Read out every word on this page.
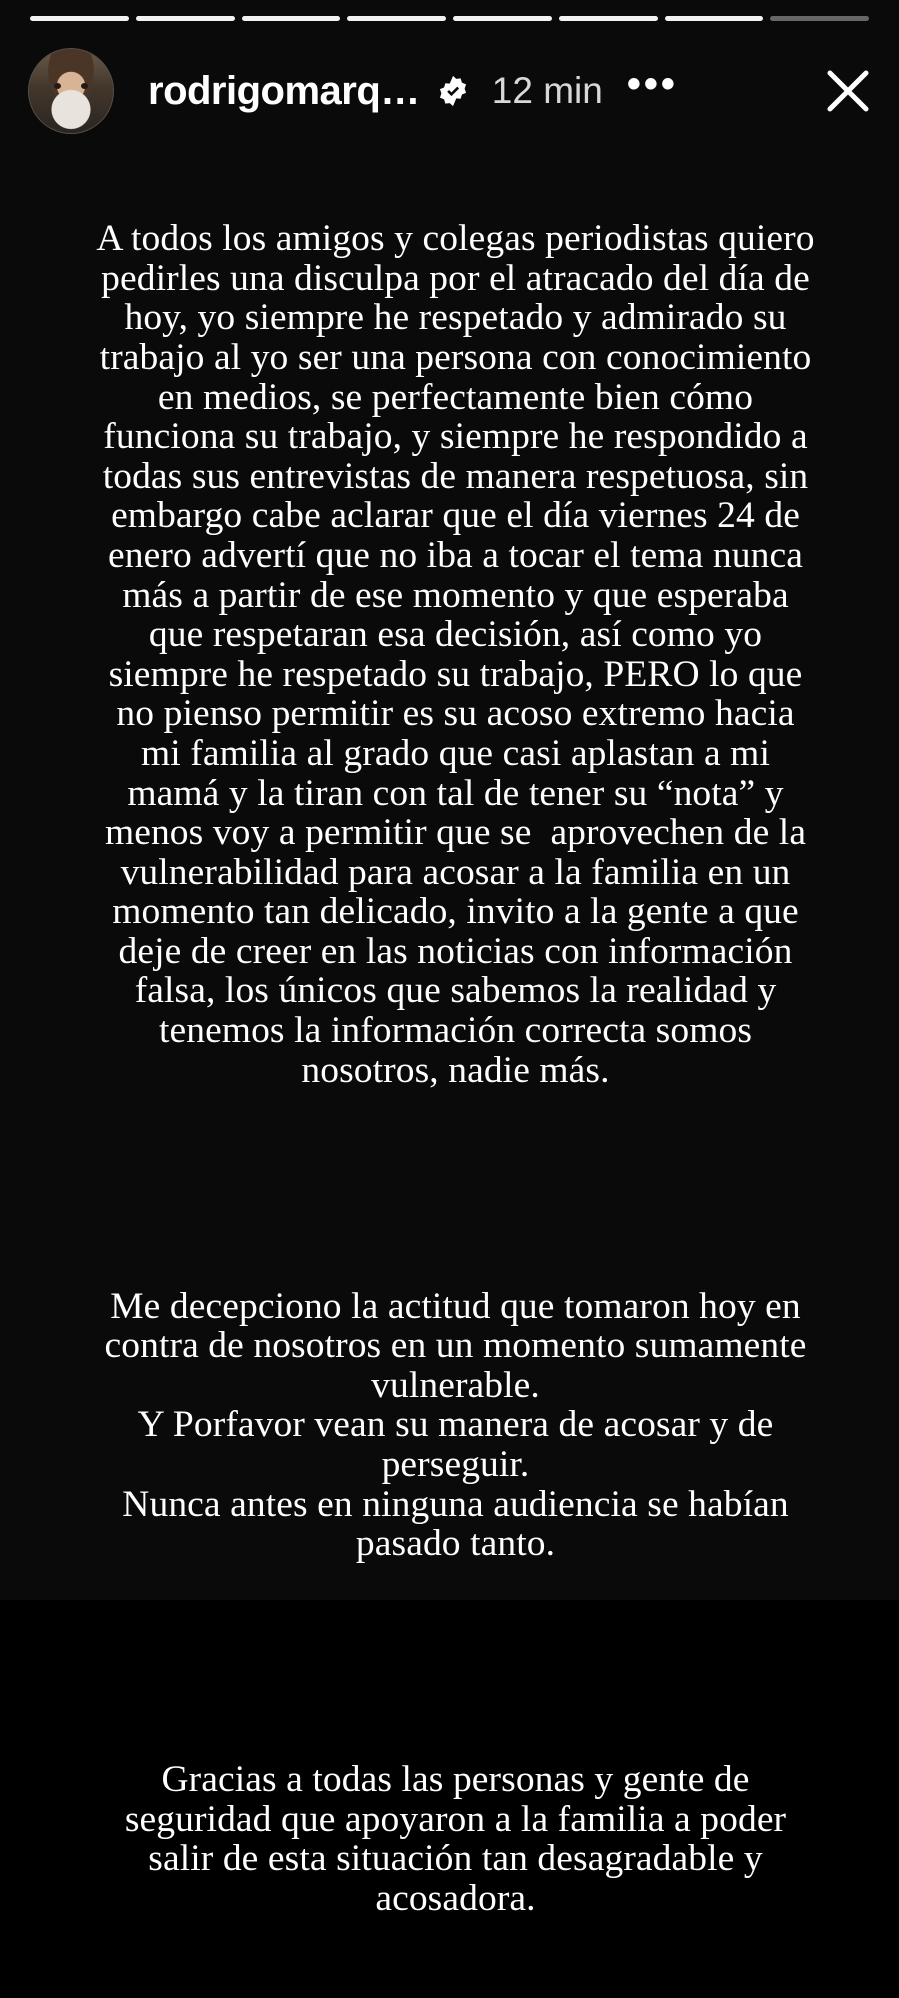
rodrigomarq… 12 min •••

A todos los amigos y colegas periodistas quiero pedirles una disculpa por el atracado del día de hoy, yo siempre he respetado y admirado su trabajo al yo ser una persona con conocimiento en medios, se perfectamente bien cómo funciona su trabajo, y siempre he respondido a todas sus entrevistas de manera respetuosa, sin embargo cabe aclarar que el día viernes 24 de enero advertí que no iba a tocar el tema nunca más a partir de ese momento y que esperaba que respetaran esa decisión, así como yo siempre he respetado su trabajo, PERO lo que no pienso permitir es su acoso extremo hacia mi familia al grado que casi aplastan a mi mamá y la tiran con tal de tener su “nota” y menos voy a permitir que se  aprovechen de la vulnerabilidad para acosar a la familia en un momento tan delicado, invito a la gente a que deje de creer en las noticias con información falsa, los únicos que sabemos la realidad y tenemos la información correcta somos nosotros, nadie más.

Me decepciono la actitud que tomaron hoy en contra de nosotros en un momento sumamente vulnerable.
Y Porfavor vean su manera de acosar y de perseguir.
Nunca antes en ninguna audiencia se habían pasado tanto.

Gracias a todas las personas y gente de seguridad que apoyaron a la familia a poder salir de esta situación tan desagradable y acosadora.
